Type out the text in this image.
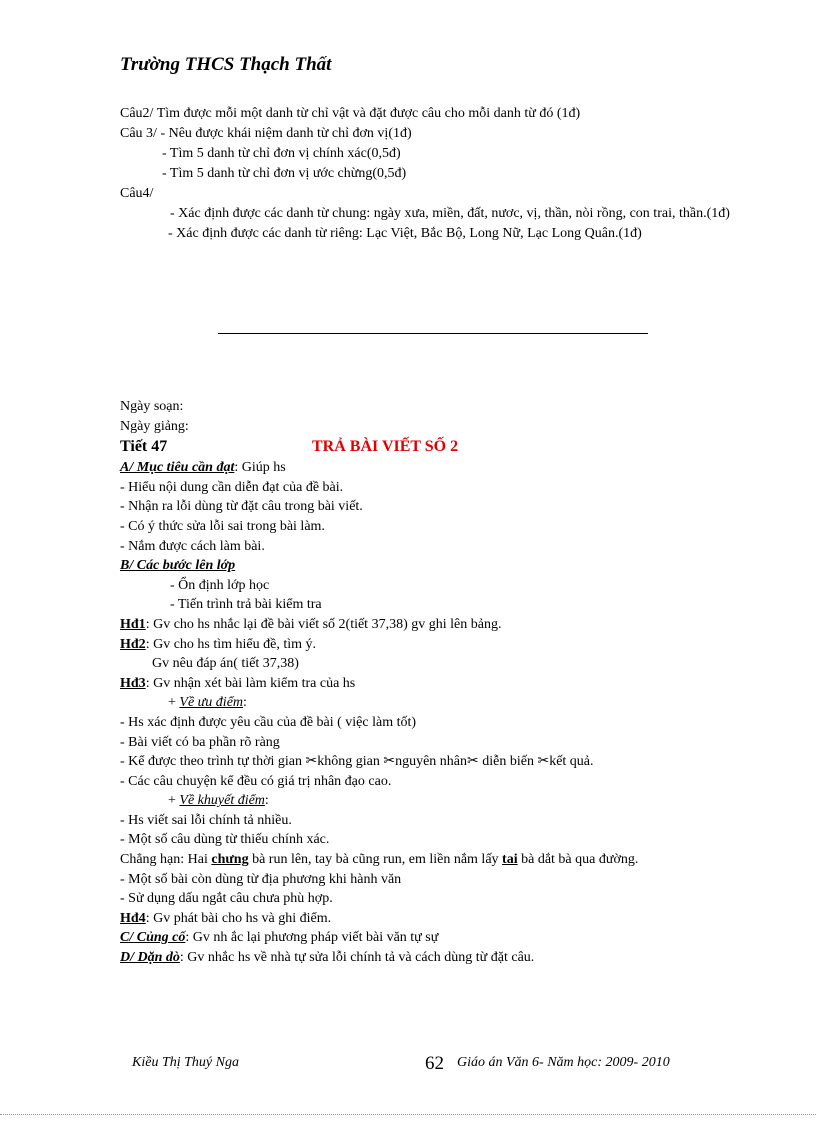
Trường THCS Thạch Thất
Câu2/ Tìm được mỗi một danh từ chỉ vật và đặt được câu cho mỗi danh từ đó (1đ)
Câu 3/ - Nêu được khái niệm danh từ chỉ đơn vị(1đ)
- Tìm 5 danh từ chỉ đơn vị chính xác(0,5đ)
- Tìm 5 danh từ chỉ đơn vị ước chừng(0,5đ)
Câu4/
- Xác định được các danh từ chung: ngày xưa, miền, đất, nươc, vị, thần, nòi rồng, con trai, thần.(1đ)
- Xác định được các danh từ riêng: Lạc Việt, Bắc Bộ, Long Nữ, Lạc Long Quân.(1đ)
Ngày soạn:
Ngày giảng:
Tiết 47	TRẢ BÀI VIẾT SỐ 2
A/ Mục tiêu cần đạt: Giúp hs
- Hiểu nội dung cần diễn đạt của đề bài.
- Nhận ra lỗi dùng từ đặt câu trong bài viết.
- Có ý thức sửa lỗi sai trong bài làm.
- Nắm được cách làm bài.
B/ Các bước lên lớp
- Ổn định lớp học
- Tiến trình trả bài kiểm tra
Hđ1: Gv cho hs nhắc lại đề bài viết số 2(tiết 37,38) gv ghi lên bảng.
Hđ2: Gv cho hs tìm hiểu đề, tìm ý.
Gv nêu đáp án( tiết 37,38)
Hđ3: Gv nhận xét bài làm kiểm tra của hs
+ Về ưu điểm:
- Hs xác định được yêu cầu của đề bài ( việc làm tốt)
- Bài viết có ba phần rõ ràng
- Kể được theo trình tự thời gian ✂không gian ✂nguyên nhân✂ diễn biến ✂kết quả.
- Các câu chuyện kể đều có giá trị nhân đạo cao.
+ Về khuyết điểm:
- Hs viết sai lỗi chính tả nhiều.
- Một số câu dùng từ thiếu chính xác.
Chẳng hạn: Hai chưng bà run lên, tay bà cũng run, em liền nắm lấy tai bà dắt bà qua đường.
- Một số bài còn dùng từ địa phương khi hành văn
- Sử dụng dấu ngắt câu chưa phù hợp.
Hđ4: Gv phát bài cho hs và ghi điểm.
C/ Củng cố: Gv nh ắc lại phương pháp viết bài văn tự sự
D/ Dặn dò: Gv nhắc hs về nhà tự sửa lỗi chính tả và cách dùng từ đặt câu.
Kiều Thị Thuý Nga	62 Giáo án Văn 6- Năm học: 2009- 2010
